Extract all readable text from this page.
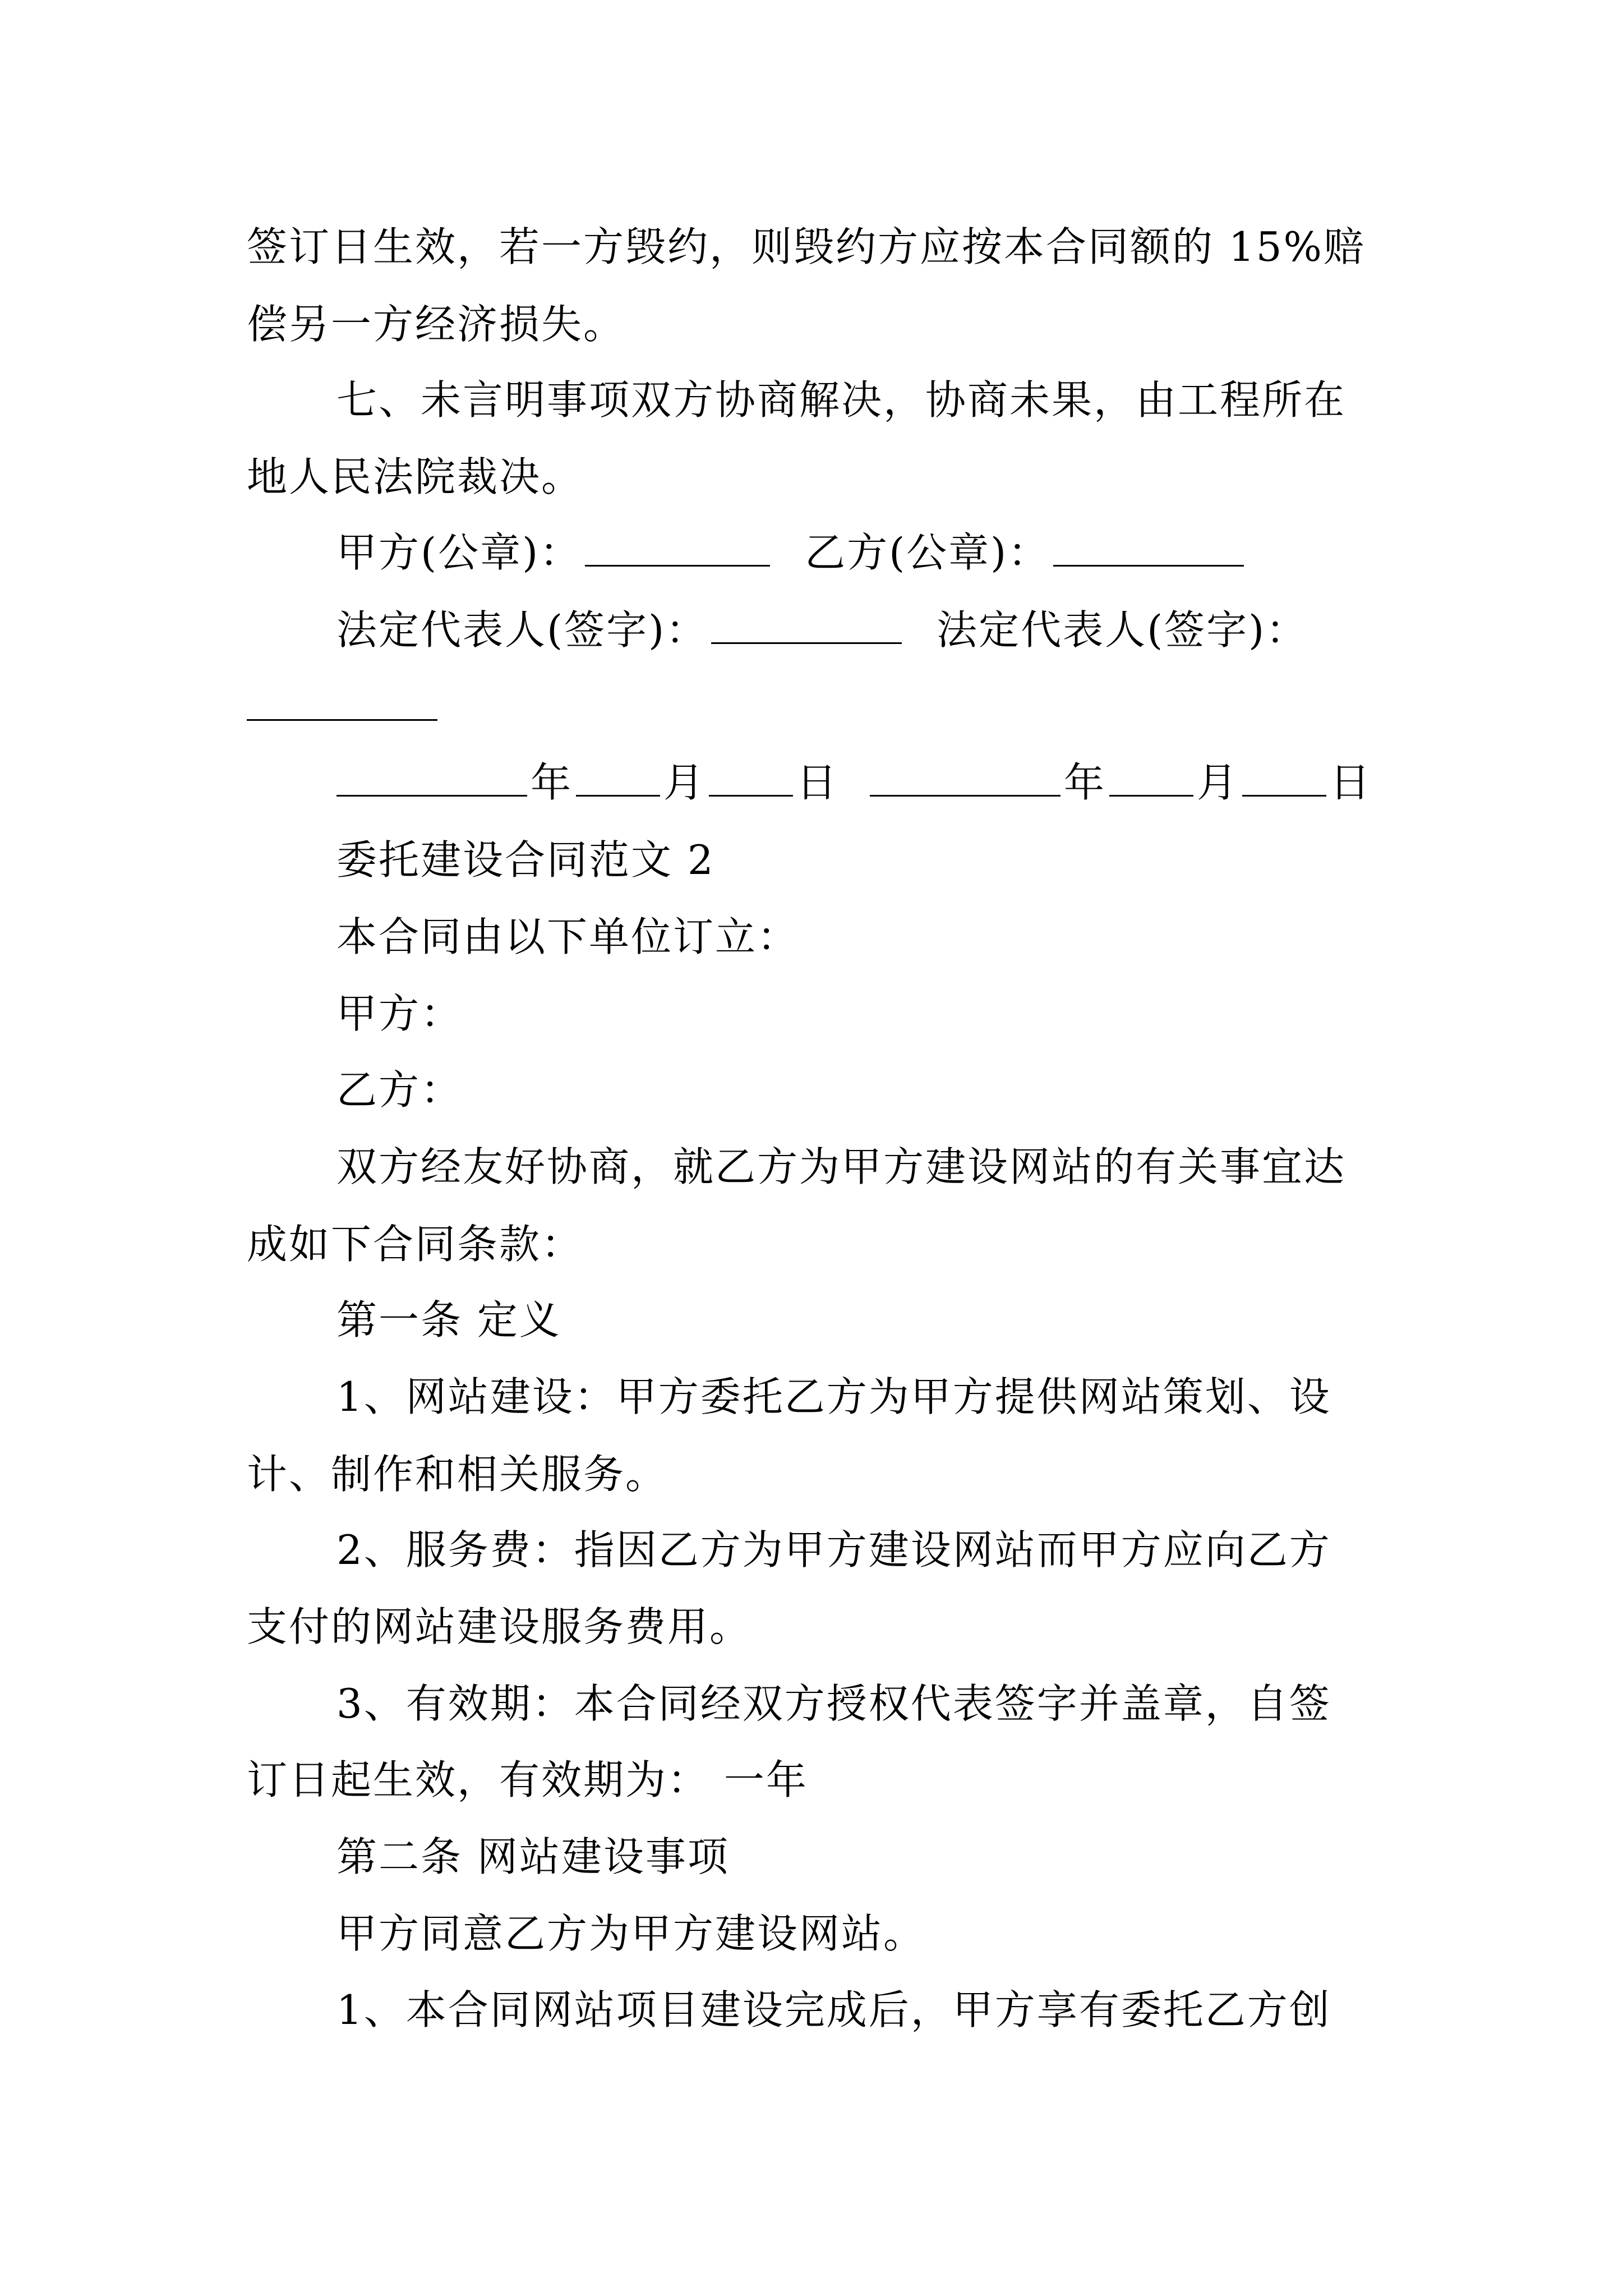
签订日生效，若一方毁约，则毁约方应按本合同额的 15%赔
偿另一方经济损失。
七、未言明事项双方协商解决，协商未果，由工程所在
地人民法院裁决。
甲方(公章)：	乙方(公章)：
法定代表人(签字)：	法定代表人(签字)：
年 月 日	年 月 日
委托建设合同范文 2
本合同由以下单位订立：
甲方：
乙方：
双方经友好协商，就乙方为甲方建设网站的有关事宜达
成如下合同条款：
第一条 定义
1、网站建设：甲方委托乙方为甲方提供网站策划、设
计、制作和相关服务。
2、服务费：指因乙方为甲方建设网站而甲方应向乙方
支付的网站建设服务费用。
3、有效期：本合同经双方授权代表签字并盖章，自签
订日起生效，有效期为： 一年
第二条 网站建设事项
甲方同意乙方为甲方建设网站。
1、本合同网站项目建设完成后，甲方享有委托乙方创
